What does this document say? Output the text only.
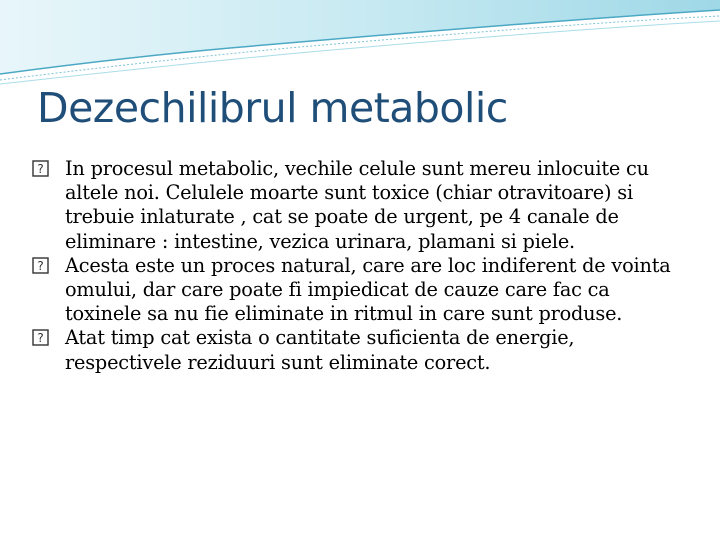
Dezechilibrul metabolic
? In procesul metabolic, vechile celule sunt mereu inlocuite cu altele noi. Celulele moarte sunt toxice (chiar otravitoare) si trebuie inlaturate , cat se poate de urgent, pe 4 canale de eliminare : intestine, vezica urinara, plamani si piele.
? Acesta este un proces natural, care are loc indiferent de vointa omului, dar care poate fi impiedicat de cauze care fac ca toxinele sa nu fie eliminate in ritmul in care sunt produse.
? Atat timp cat exista o cantitate suficienta de energie, respectivele reziduuri sunt eliminate corect.
